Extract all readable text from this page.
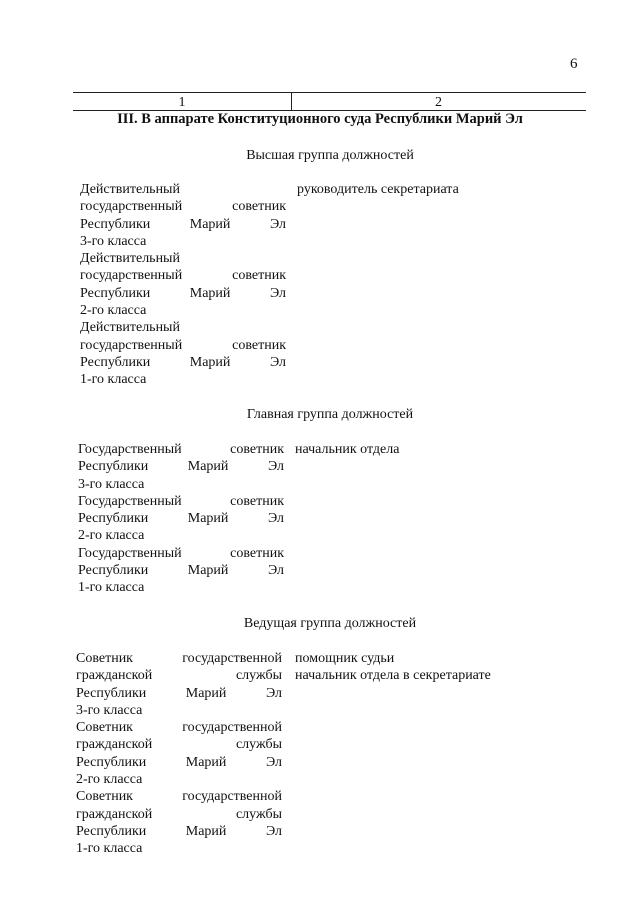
6
1	2
III. В аппарате Конституционного суда Республики Марий Эл
Высшая группа должностей
Действительный
государственный советник
Республики Марий Эл
3-го класса
Действительный
государственный советник
Республики Марий Эл
2-го класса
Действительный
государственный советник
Республики Марий Эл
1-го класса
руководитель секретариата
Главная группа должностей
Государственный советник
Республики Марий Эл
3-го класса
Государственный советник
Республики Марий Эл
2-го класса
Государственный советник
Республики Марий Эл
1-го класса
начальник отдела
Ведущая группа должностей
Советник государственной
гражданской службы
Республики Марий Эл
3-го класса
Советник государственной
гражданской службы
Республики Марий Эл
2-го класса
Советник государственной
гражданской службы
Республики Марий Эл
1-го класса
помощник судьи
начальник отдела в секретариате
